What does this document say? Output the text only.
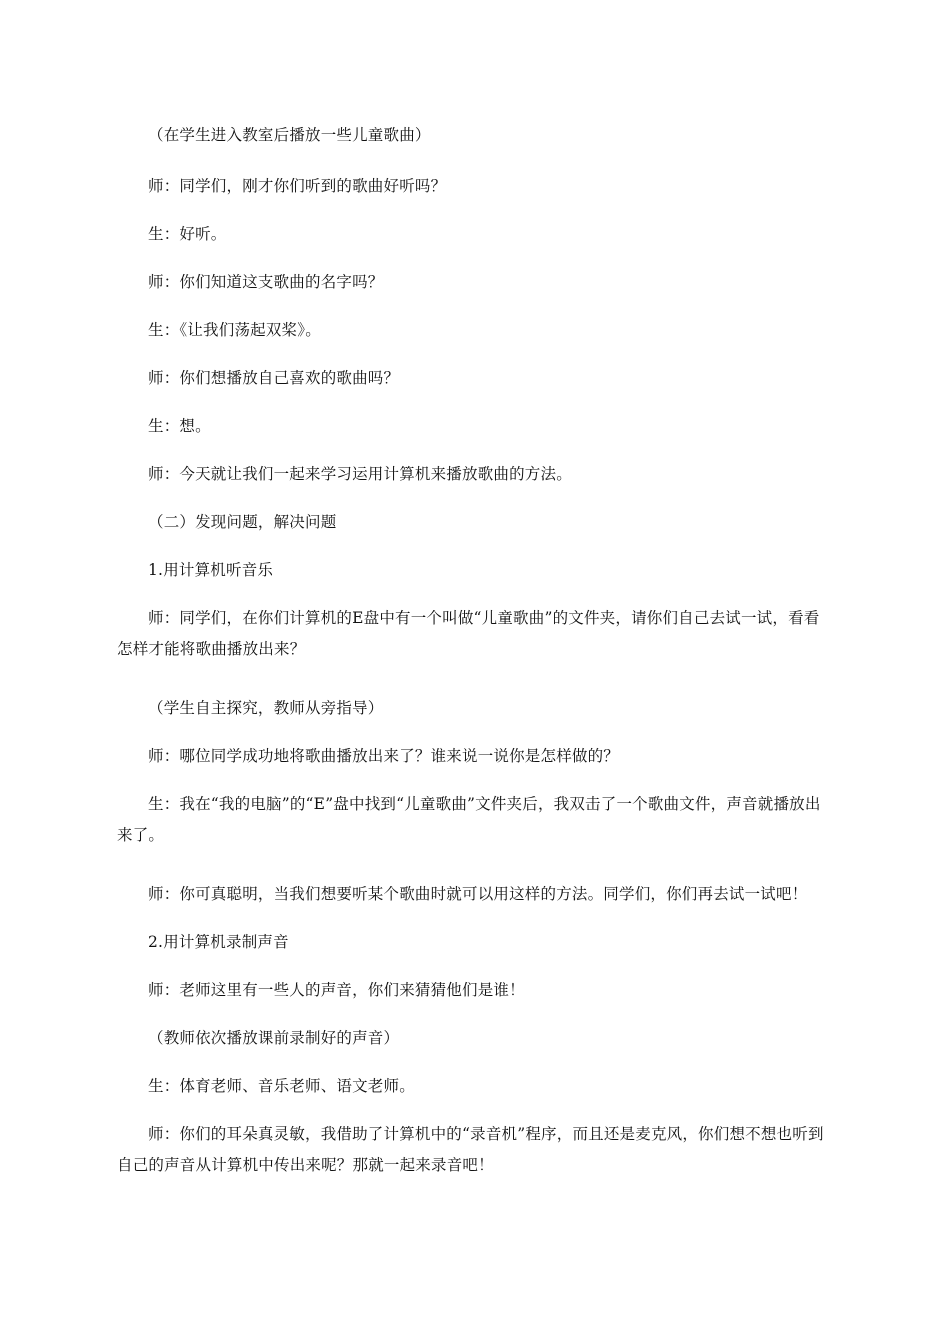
（在学生进入教室后播放一些儿童歌曲）

师：同学们，刚才你们听到的歌曲好听吗？

生：好听。

师：你们知道这支歌曲的名字吗？

生：《让我们荡起双桨》。

师：你们想播放自己喜欢的歌曲吗？

生：想。

师：今天就让我们一起来学习运用计算机来播放歌曲的方法。

（二）发现问题，解决问题

1.用计算机听音乐

师：同学们，在你们计算机的E盘中有一个叫做“儿童歌曲”的文件夹，请你们自己去试一试，看看怎样才能将歌曲播放出来？

（学生自主探究，教师从旁指导）

师：哪位同学成功地将歌曲播放出来了？谁来说一说你是怎样做的？

生：我在“我的电脑”的“E”盘中找到“儿童歌曲”文件夹后，我双击了一个歌曲文件，声音就播放出来了。

师：你可真聪明，当我们想要听某个歌曲时就可以用这样的方法。同学们，你们再去试一试吧！

2.用计算机录制声音

师：老师这里有一些人的声音，你们来猜猜他们是谁！

（教师依次播放课前录制好的声音）

生：体育老师、音乐老师、语文老师。

师：你们的耳朵真灵敏，我借助了计算机中的“录音机”程序，而且还是麦克风，你们想不想也听到自己的声音从计算机中传出来呢？那就一起来录音吧！
